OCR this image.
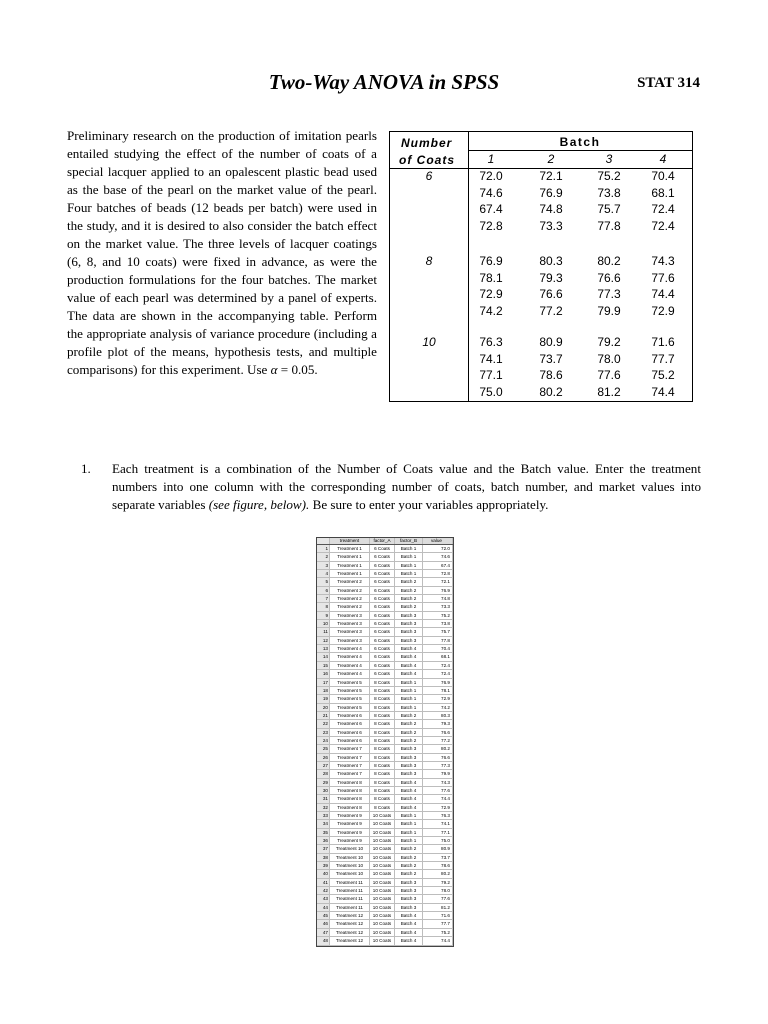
Two-Way ANOVA in SPSS	STAT 314
Preliminary research on the production of imitation pearls entailed studying the effect of the number of coats of a special lacquer applied to an opalescent plastic bead used as the base of the pearl on the market value of the pearl. Four batches of beads (12 beads per batch) were used in the study, and it is desired to also consider the batch effect on the market value. The three levels of lacquer coatings (6, 8, and 10 coats) were fixed in advance, as were the production formulations for the four batches. The market value of each pearl was determined by a panel of experts. The data are shown in the accompanying table. Perform the appropriate analysis of variance procedure (including a profile plot of the means, hypothesis tests, and multiple comparisons) for this experiment. Use α = 0.05.
Number
of Coats
Batch
1	2	3	4
6	72.0	72.1	75.2	70.4
74.6	76.9	73.8	68.1
67.4	74.8	75.7	72.4
72.8	73.3	77.8	72.4
8	76.9	80.3	80.2	74.3
78.1	79.3	76.6	77.6
72.9	76.6	77.3	74.4
74.2	77.2	79.9	72.9
10	76.3	80.9	79.2	71.6
74.1	73.7	78.0	77.7
77.1	78.6	77.6	75.2
75.0	80.2	81.2	74.4
1. Each treatment is a combination of the Number of Coats value and the Batch value. Enter the treatment numbers into one column with the corresponding number of coats, batch number, and market values into separate variables (see figure, below). Be sure to enter your variables appropriately.
treatment	factor_A	factor_B	value
1	Treatment 1	6 Coats	Batch 1	72.0
2	Treatment 1	6 Coats	Batch 1	74.6
3	Treatment 1	6 Coats	Batch 1	67.4
4	Treatment 1	6 Coats	Batch 1	72.8
5	Treatment 2	6 Coats	Batch 2	72.1
6	Treatment 2	6 Coats	Batch 2	76.9
7	Treatment 2	6 Coats	Batch 2	74.8
8	Treatment 2	6 Coats	Batch 2	73.3
9	Treatment 3	6 Coats	Batch 3	75.2
10	Treatment 3	6 Coats	Batch 3	73.8
11	Treatment 3	6 Coats	Batch 3	75.7
12	Treatment 3	6 Coats	Batch 3	77.8
13	Treatment 4	6 Coats	Batch 4	70.4
14	Treatment 4	6 Coats	Batch 4	68.1
15	Treatment 4	6 Coats	Batch 4	72.4
16	Treatment 4	6 Coats	Batch 4	72.4
17	Treatment 5	8 Coats	Batch 1	76.9
18	Treatment 5	8 Coats	Batch 1	78.1
19	Treatment 5	8 Coats	Batch 1	72.9
20	Treatment 5	8 Coats	Batch 1	74.2
21	Treatment 6	8 Coats	Batch 2	80.3
22	Treatment 6	8 Coats	Batch 2	79.3
23	Treatment 6	8 Coats	Batch 2	76.6
24	Treatment 6	8 Coats	Batch 2	77.2
25	Treatment 7	8 Coats	Batch 3	80.2
26	Treatment 7	8 Coats	Batch 3	76.6
27	Treatment 7	8 Coats	Batch 3	77.3
28	Treatment 7	8 Coats	Batch 3	79.9
29	Treatment 8	8 Coats	Batch 4	74.3
30	Treatment 8	8 Coats	Batch 4	77.6
31	Treatment 8	8 Coats	Batch 4	74.4
32	Treatment 8	8 Coats	Batch 4	72.9
33	Treatment 9	10 Coats	Batch 1	76.3
34	Treatment 9	10 Coats	Batch 1	74.1
35	Treatment 9	10 Coats	Batch 1	77.1
36	Treatment 9	10 Coats	Batch 1	75.0
37	Treatment 10	10 Coats	Batch 2	80.9
38	Treatment 10	10 Coats	Batch 2	73.7
39	Treatment 10	10 Coats	Batch 2	78.6
40	Treatment 10	10 Coats	Batch 2	80.2
41	Treatment 11	10 Coats	Batch 3	79.2
42	Treatment 11	10 Coats	Batch 3	78.0
43	Treatment 11	10 Coats	Batch 3	77.6
44	Treatment 11	10 Coats	Batch 3	81.2
45	Treatment 12	10 Coats	Batch 4	71.6
46	Treatment 12	10 Coats	Batch 4	77.7
47	Treatment 12	10 Coats	Batch 4	75.2
48	Treatment 12	10 Coats	Batch 4	74.4
